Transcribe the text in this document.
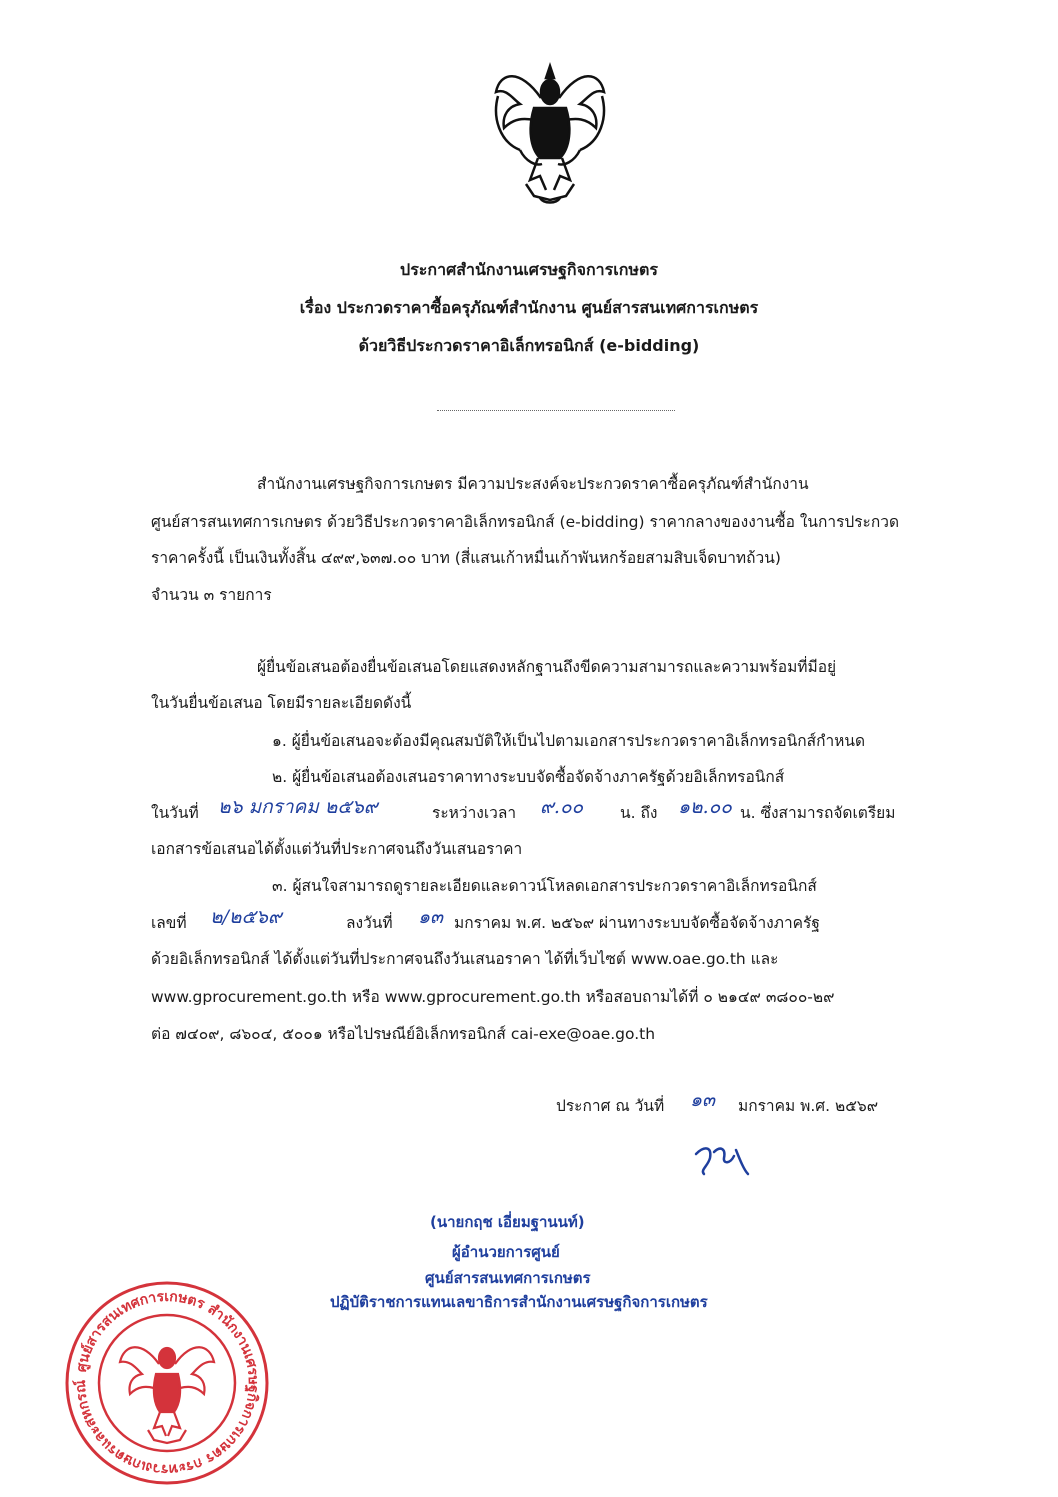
ประกาศสำนักงานเศรษฐกิจการเกษตร
เรื่อง ประกวดราคาซื้อครุภัณฑ์สำนักงาน ศูนย์สารสนเทศการเกษตร
ด้วยวิธีประกวดราคาอิเล็กทรอนิกส์ (e-bidding)
สำนักงานเศรษฐกิจการเกษตร มีความประสงค์จะประกวดราคาซื้อครุภัณฑ์สำนักงาน
ศูนย์สารสนเทศการเกษตร ด้วยวิธีประกวดราคาอิเล็กทรอนิกส์ (e-bidding) ราคากลางของงานซื้อ ในการประกวด
ราคาครั้งนี้ เป็นเงินทั้งสิ้น ๔๙๙,๖๓๗.๐๐ บาท (สี่แสนเก้าหมื่นเก้าพันหกร้อยสามสิบเจ็ดบาทถ้วน)
จำนวน ๓ รายการ
ผู้ยื่นข้อเสนอต้องยื่นข้อเสนอโดยแสดงหลักฐานถึงขีดความสามารถและความพร้อมที่มีอยู่
ในวันยื่นข้อเสนอ โดยมีรายละเอียดดังนี้
๑. ผู้ยื่นข้อเสนอจะต้องมีคุณสมบัติให้เป็นไปตามเอกสารประกวดราคาอิเล็กทรอนิกส์กำหนด
๒. ผู้ยื่นข้อเสนอต้องเสนอราคาทางระบบจัดซื้อจัดจ้างภาครัฐด้วยอิเล็กทรอนิกส์
ในวันที่ ๒๖ มกราคม ๒๕๖๙	ระหว่างเวลา ๙.๐๐ น. ถึง ๑๒.๐๐ น. ซึ่งสามารถจัดเตรียม
เอกสารข้อเสนอได้ตั้งแต่วันที่ประกาศจนถึงวันเสนอราคา
๓. ผู้สนใจสามารถดูรายละเอียดและดาวน์โหลดเอกสารประกวดราคาอิเล็กทรอนิกส์
เลขที่ ๒/๒๕๖๙	ลงวันที่ ๑๓ มกราคม พ.ศ. ๒๕๖๙ ผ่านทางระบบจัดซื้อจัดจ้างภาครัฐ
ด้วยอิเล็กทรอนิกส์ ได้ตั้งแต่วันที่ประกาศจนถึงวันเสนอราคา ได้ที่เว็บไซต์ www.oae.go.th และ
www.gprocurement.go.th หรือ www.gprocurement.go.th หรือสอบถามได้ที่ ๐ ๒๑๔๙ ๓๘๐๐-๒๙
ต่อ ๗๔๐๙, ๘๖๐๔, ๕๐๐๑ หรือไปรษณีย์อิเล็กทรอนิกส์ cai-exe@oae.go.th
ประกาศ ณ วันที่ ๑๓ มกราคม พ.ศ. ๒๕๖๙
(นายกฤช เอี่ยมฐานนท์)
ผู้อำนวยการศูนย์
ศูนย์สารสนเทศการเกษตร
ปฏิบัติราชการแทนเลขาธิการสำนักงานเศรษฐกิจการเกษตร
ศูนย์สารสนเทศการเกษตร สำนักงานเศรษฐกิจการเกษตร กระทรวงเกษตรและสหกรณ์
